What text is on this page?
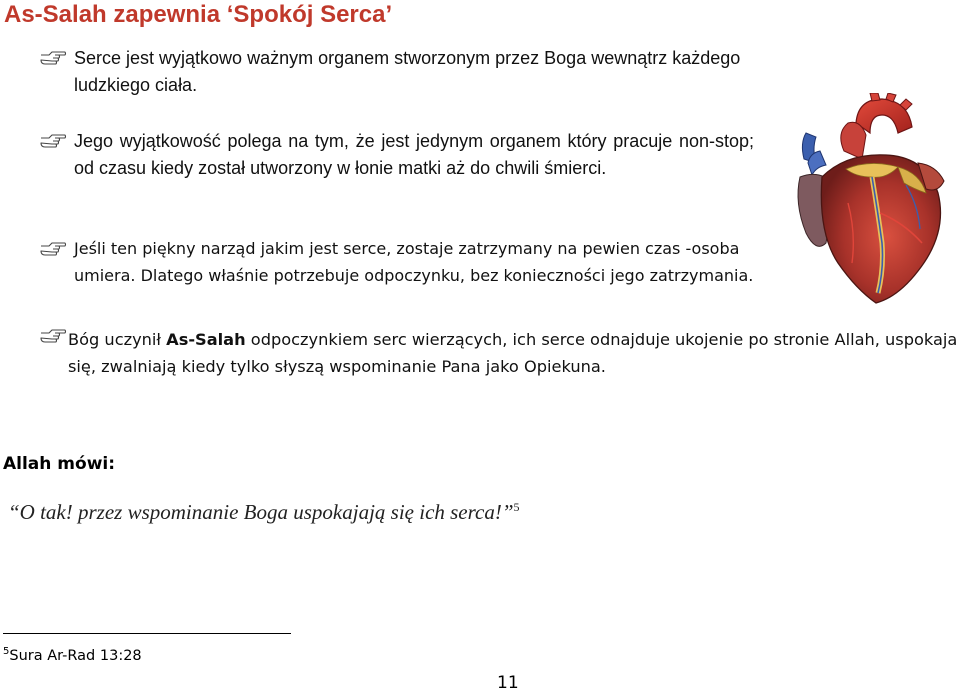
As-Salah zapewnia ‘Spokój Serca’

Serce jest wyjątkowo ważnym organem stworzonym przez Boga wewnątrz każdego ludzkiego ciała.

Jego wyjątkowość polega na tym, że jest jedynym organem który pracuje non-stop; od czasu kiedy został utworzony w łonie matki aż do chwili śmierci.

Jeśli ten piękny narząd jakim jest serce, zostaje zatrzymany na pewien czas -osoba umiera. Dlatego właśnie potrzebuje odpoczynku, bez konieczności jego zatrzymania.

Bóg uczynił As-Salah odpoczynkiem serc wierzących, ich serce odnajduje ukojenie po stronie Allah, uspokaja się, zwalniają kiedy tylko słyszą wspominanie Pana jako Opiekuna.

Allah mówi:

“O tak! przez wspominanie Boga uspokajają się ich serca!”$^5$

$^5$Sura Ar-Rad 13:28

11
